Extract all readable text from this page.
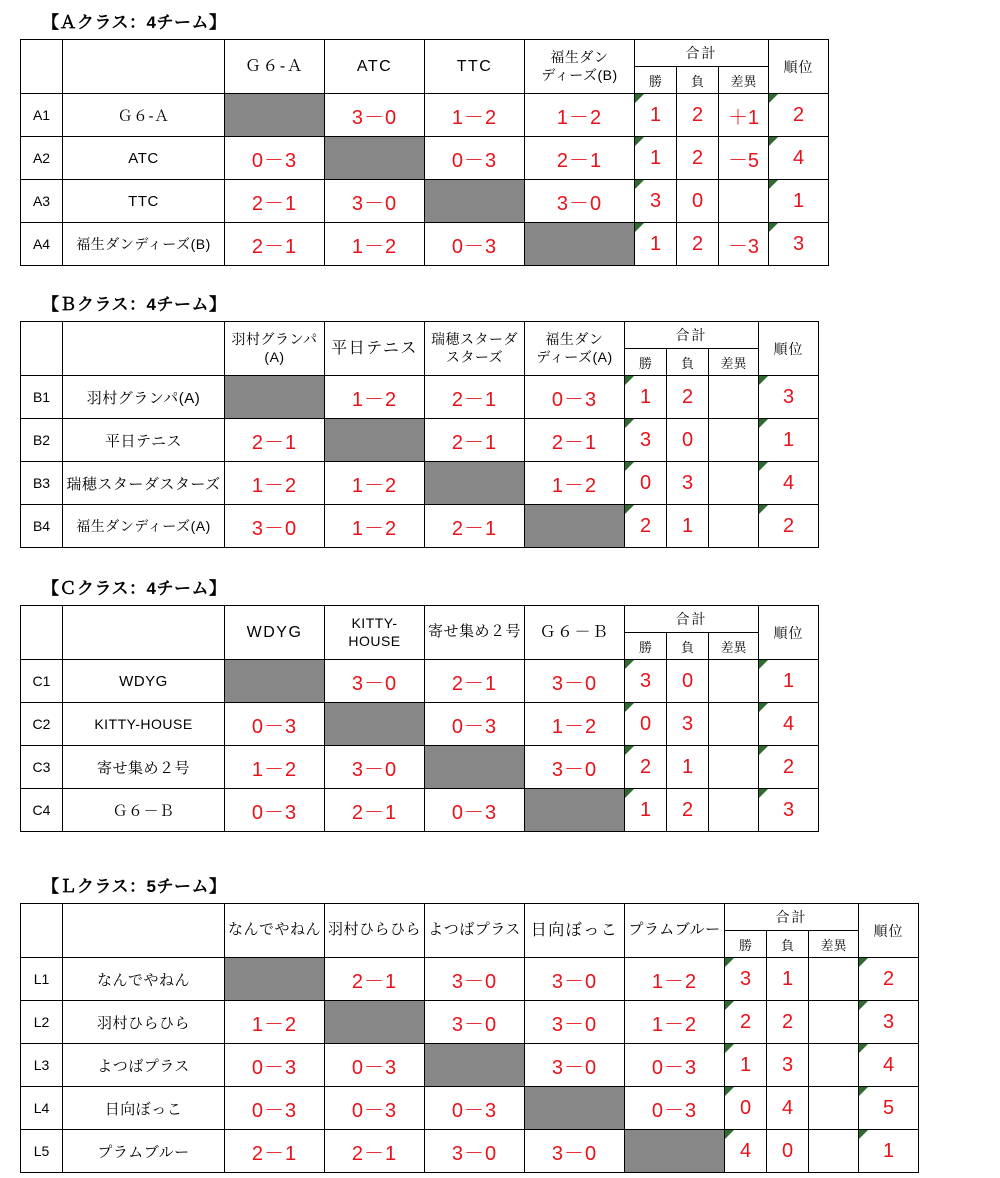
【Ａクラス：4チーム】
		Ｇ６-Ａ	ATC	TTC	福生ダン
ディーズ(B)	合計			順位
						勝	負	差異	
A1	Ｇ６-Ａ		3－0	1－2	1－2	1	2	＋1	2
A2	ATC	0－3		0－3	2－1	1	2	－5	4
A3	TTC	2－1	3－0		3－0	3	0		1
A4	福生ダンディーズ(B)	2－1	1－2	0－3		1	2	－3	3
【Ｂクラス：4チーム】
		羽村グランパ(A)	平日テニス	瑞穂スターダ
スターズ	福生ダン
ディーズ(A)	合計			順位
						勝	負	差異	
B1	羽村グランパ(A)		1－2	2－1	0－3	1	2		3
B2	平日テニス	2－1		2－1	2－1	3	0		1
B3	瑞穂スターダスターズ	1－2	1－2		1－2	0	3		4
B4	福生ダンディーズ(A)	3－0	1－2	2－1		2	1		2
【Ｃクラス：4チーム】
		WDYG	KITTY-
HOUSE	寄せ集め２号	Ｇ６－Ｂ	合計			順位
						勝	負	差異	
C1	WDYG		3－0	2－1	3－0	3	0		1
C2	KITTY-HOUSE	0－3		0－3	1－2	0	3		4
C3	寄せ集め２号	1－2	3－0		3－0	2	1		2
C4	Ｇ６－Ｂ	0－3	2－1	0－3		1	2		3
【Ｌクラス：5チーム】
		なんでやねん	羽村ひらひら	よつばプラス	日向ぼっこ	プラムブルー	合計			順位
							勝	負	差異	
L1	なんでやねん		2－1	3－0	3－0	1－2	3	1		2
L2	羽村ひらひら	1－2		3－0	3－0	1－2	2	2		3
L3	よつばプラス	0－3	0－3		3－0	0－3	1	3		4
L4	日向ぼっこ	0－3	0－3	0－3		0－3	0	4		5
L5	プラムブルー	2－1	2－1	3－0	3－0		4	0		1
